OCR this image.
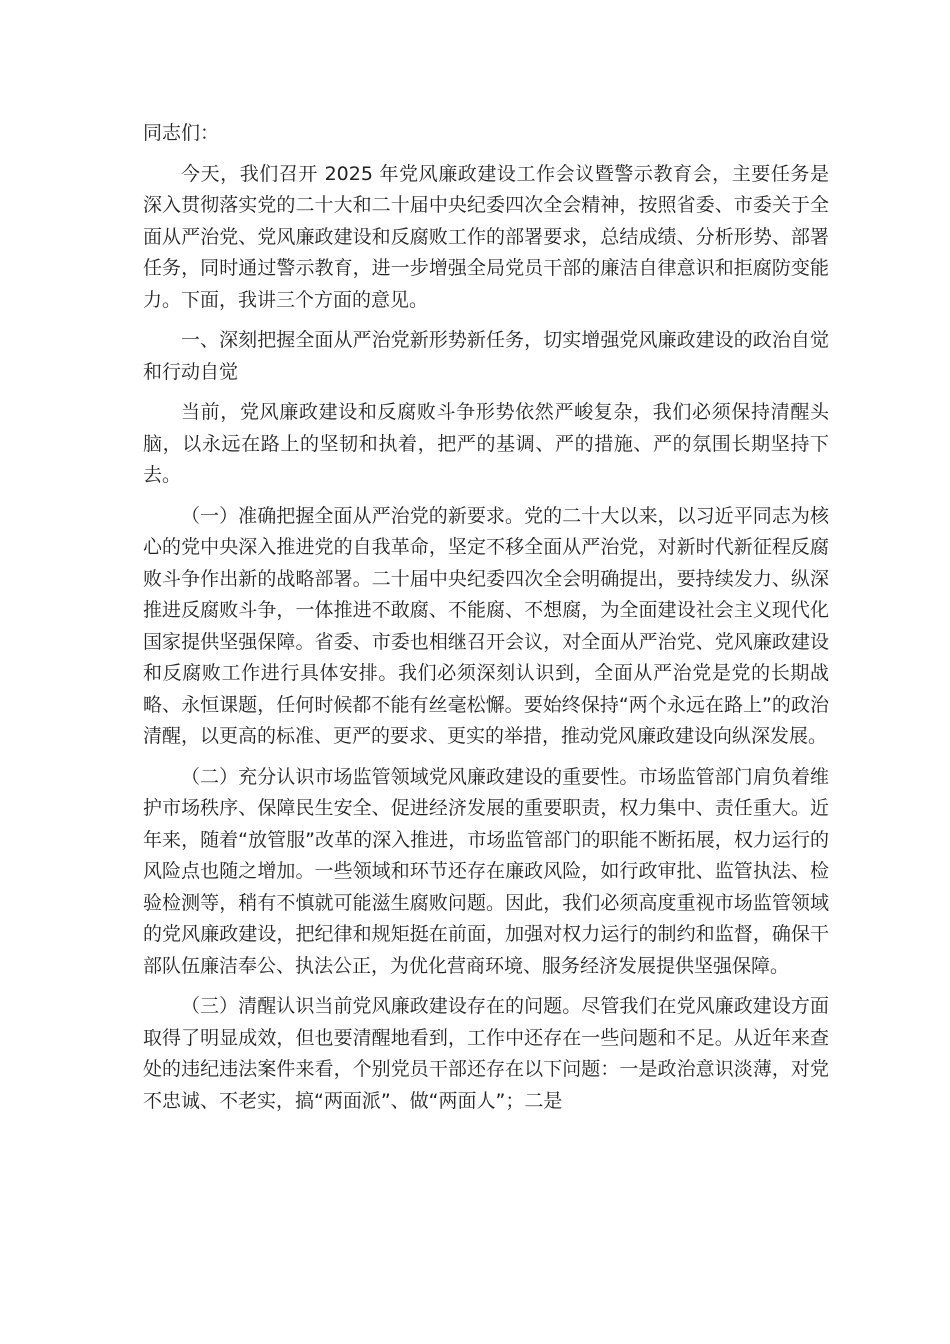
同志们：

今天，我们召开 2025 年党风廉政建设工作会议暨警示教育会，主要任务是深入贯彻落实党的二十大和二十届中央纪委四次全会精神，按照省委、市委关于全面从严治党、党风廉政建设和反腐败工作的部署要求，总结成绩、分析形势、部署任务，同时通过警示教育，进一步增强全局党员干部的廉洁自律意识和拒腐防变能力。下面，我讲三个方面的意见。

一、深刻把握全面从严治党新形势新任务，切实增强党风廉政建设的政治自觉和行动自觉

当前，党风廉政建设和反腐败斗争形势依然严峻复杂，我们必须保持清醒头脑，以永远在路上的坚韧和执着，把严的基调、严的措施、严的氛围长期坚持下去。

（一）准确把握全面从严治党的新要求。党的二十大以来，以习近平同志为核心的党中央深入推进党的自我革命，坚定不移全面从严治党，对新时代新征程反腐败斗争作出新的战略部署。二十届中央纪委四次全会明确提出，要持续发力、纵深推进反腐败斗争，一体推进不敢腐、不能腐、不想腐，为全面建设社会主义现代化国家提供坚强保障。省委、市委也相继召开会议，对全面从严治党、党风廉政建设和反腐败工作进行具体安排。我们必须深刻认识到，全面从严治党是党的长期战略、永恒课题，任何时候都不能有丝毫松懈。要始终保持“两个永远在路上”的政治清醒，以更高的标准、更严的要求、更实的举措，推动党风廉政建设向纵深发展。

（二）充分认识市场监管领域党风廉政建设的重要性。市场监管部门肩负着维护市场秩序、保障民生安全、促进经济发展的重要职责，权力集中、责任重大。近年来，随着“放管服”改革的深入推进，市场监管部门的职能不断拓展，权力运行的风险点也随之增加。一些领域和环节还存在廉政风险，如行政审批、监管执法、检验检测等，稍有不慎就可能滋生腐败问题。因此，我们必须高度重视市场监管领域的党风廉政建设，把纪律和规矩挺在前面，加强对权力运行的制约和监督，确保干部队伍廉洁奉公、执法公正，为优化营商环境、服务经济发展提供坚强保障。

（三）清醒认识当前党风廉政建设存在的问题。尽管我们在党风廉政建设方面取得了明显成效，但也要清醒地看到，工作中还存在一些问题和不足。从近年来查处的违纪违法案件来看，个别党员干部还存在以下问题：一是政治意识淡薄，对党不忠诚、不老实，搞“两面派”、做“两面人”；二是
